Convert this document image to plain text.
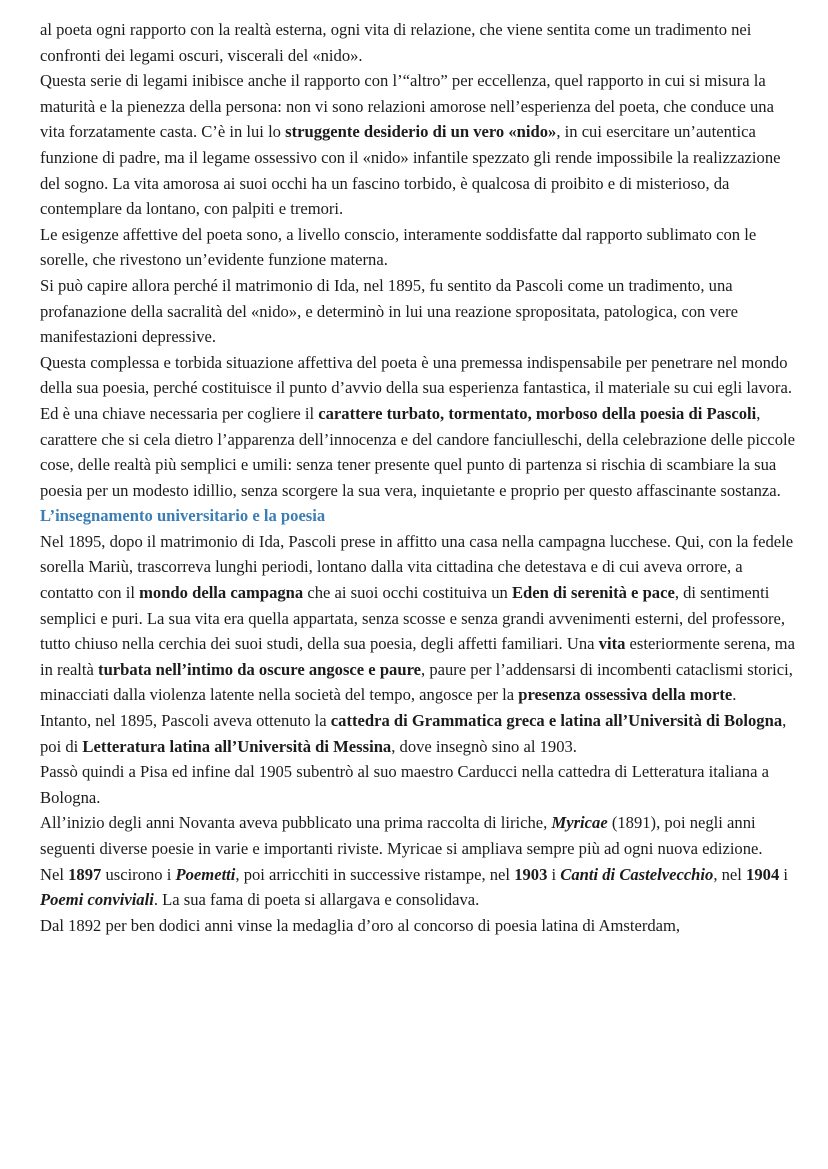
al poeta ogni rapporto con la realtà esterna, ogni vita di relazione, che viene sentita come un tradimento nei confronti dei legami oscuri, viscerali del «nido».

Questa serie di legami inibisce anche il rapporto con l’“altro” per eccellenza, quel rapporto in cui si misura la maturità e la pienezza della persona: non vi sono relazioni amorose nell’esperienza del poeta, che conduce una vita forzatamente casta. C’è in lui lo struggente desiderio di un vero «nido», in cui esercitare un’autentica funzione di padre, ma il legame ossessivo con il «nido» infantile spezzato gli rende impossibile la realizzazione del sogno. La vita amorosa ai suoi occhi ha un fascino torbido, è qualcosa di proibito e di misterioso, da contemplare da lontano, con palpiti e tremori.

Le esigenze affettive del poeta sono, a livello conscio, interamente soddisfatte dal rapporto sublimato con le sorelle, che rivestono un’evidente funzione materna.

Si può capire allora perché il matrimonio di Ida, nel 1895, fu sentito da Pascoli come un tradimento, una profanazione della sacralità del «nido», e determinò in lui una reazione spropositata, patologica, con vere manifestazioni depressive.

Questa complessa e torbida situazione affettiva del poeta è una premessa indispensabile per penetrare nel mondo della sua poesia, perché costituisce il punto d’avvio della sua esperienza fantastica, il materiale su cui egli lavora. Ed è una chiave necessaria per cogliere il carattere turbato, tormentato, morboso della poesia di Pascoli, carattere che si cela dietro l’apparenza dell’innocenza e del candore fanciulleschi, della celebrazione delle piccole cose, delle realtà più semplici e umili: senza tener presente quel punto di partenza si rischia di scambiare la sua poesia per un modesto idillio, senza scorgere la sua vera, inquietante e proprio per questo affascinante sostanza.

L’insegnamento universitario e la poesia

Nel 1895, dopo il matrimonio di Ida, Pascoli prese in affitto una casa nella campagna lucchese. Qui, con la fedele sorella Mariù, trascorreva lunghi periodi, lontano dalla vita cittadina che detestava e di cui aveva orrore, a contatto con il mondo della campagna che ai suoi occhi costituiva un Eden di serenità e pace, di sentimenti semplici e puri. La sua vita era quella appartata, senza scosse e senza grandi avvenimenti esterni, del professore, tutto chiuso nella cerchia dei suoi studi, della sua poesia, degli affetti familiari. Una vita esteriormente serena, ma in realtà turbata nell’intimo da oscure angosce e paure, paure per l’addensarsi di incombenti cataclismi storici, minacciati dalla violenza latente nella società del tempo, angosce per la presenza ossessiva della morte.

Intanto, nel 1895, Pascoli aveva ottenuto la cattedra di Grammatica greca e latina all’Università di Bologna, poi di Letteratura latina all’Università di Messina, dove insegnò sino al 1903.

Passò quindi a Pisa ed infine dal 1905 subentrò al suo maestro Carducci nella cattedra di Letteratura italiana a Bologna.

All’inizio degli anni Novanta aveva pubblicato una prima raccolta di liriche, Myricae (1891), poi negli anni seguenti diverse poesie in varie e importanti riviste. Myricae si ampliava sempre più ad ogni nuova edizione.

Nel 1897 uscirono i Poemetti, poi arricchiti in successive ristampe, nel 1903 i Canti di Castelvecchio, nel 1904 i Poemi conviviali. La sua fama di poeta si allargava e consolidava.

Dal 1892 per ben dodici anni vinse la medaglia d’oro al concorso di poesia latina di Amsterdam,
